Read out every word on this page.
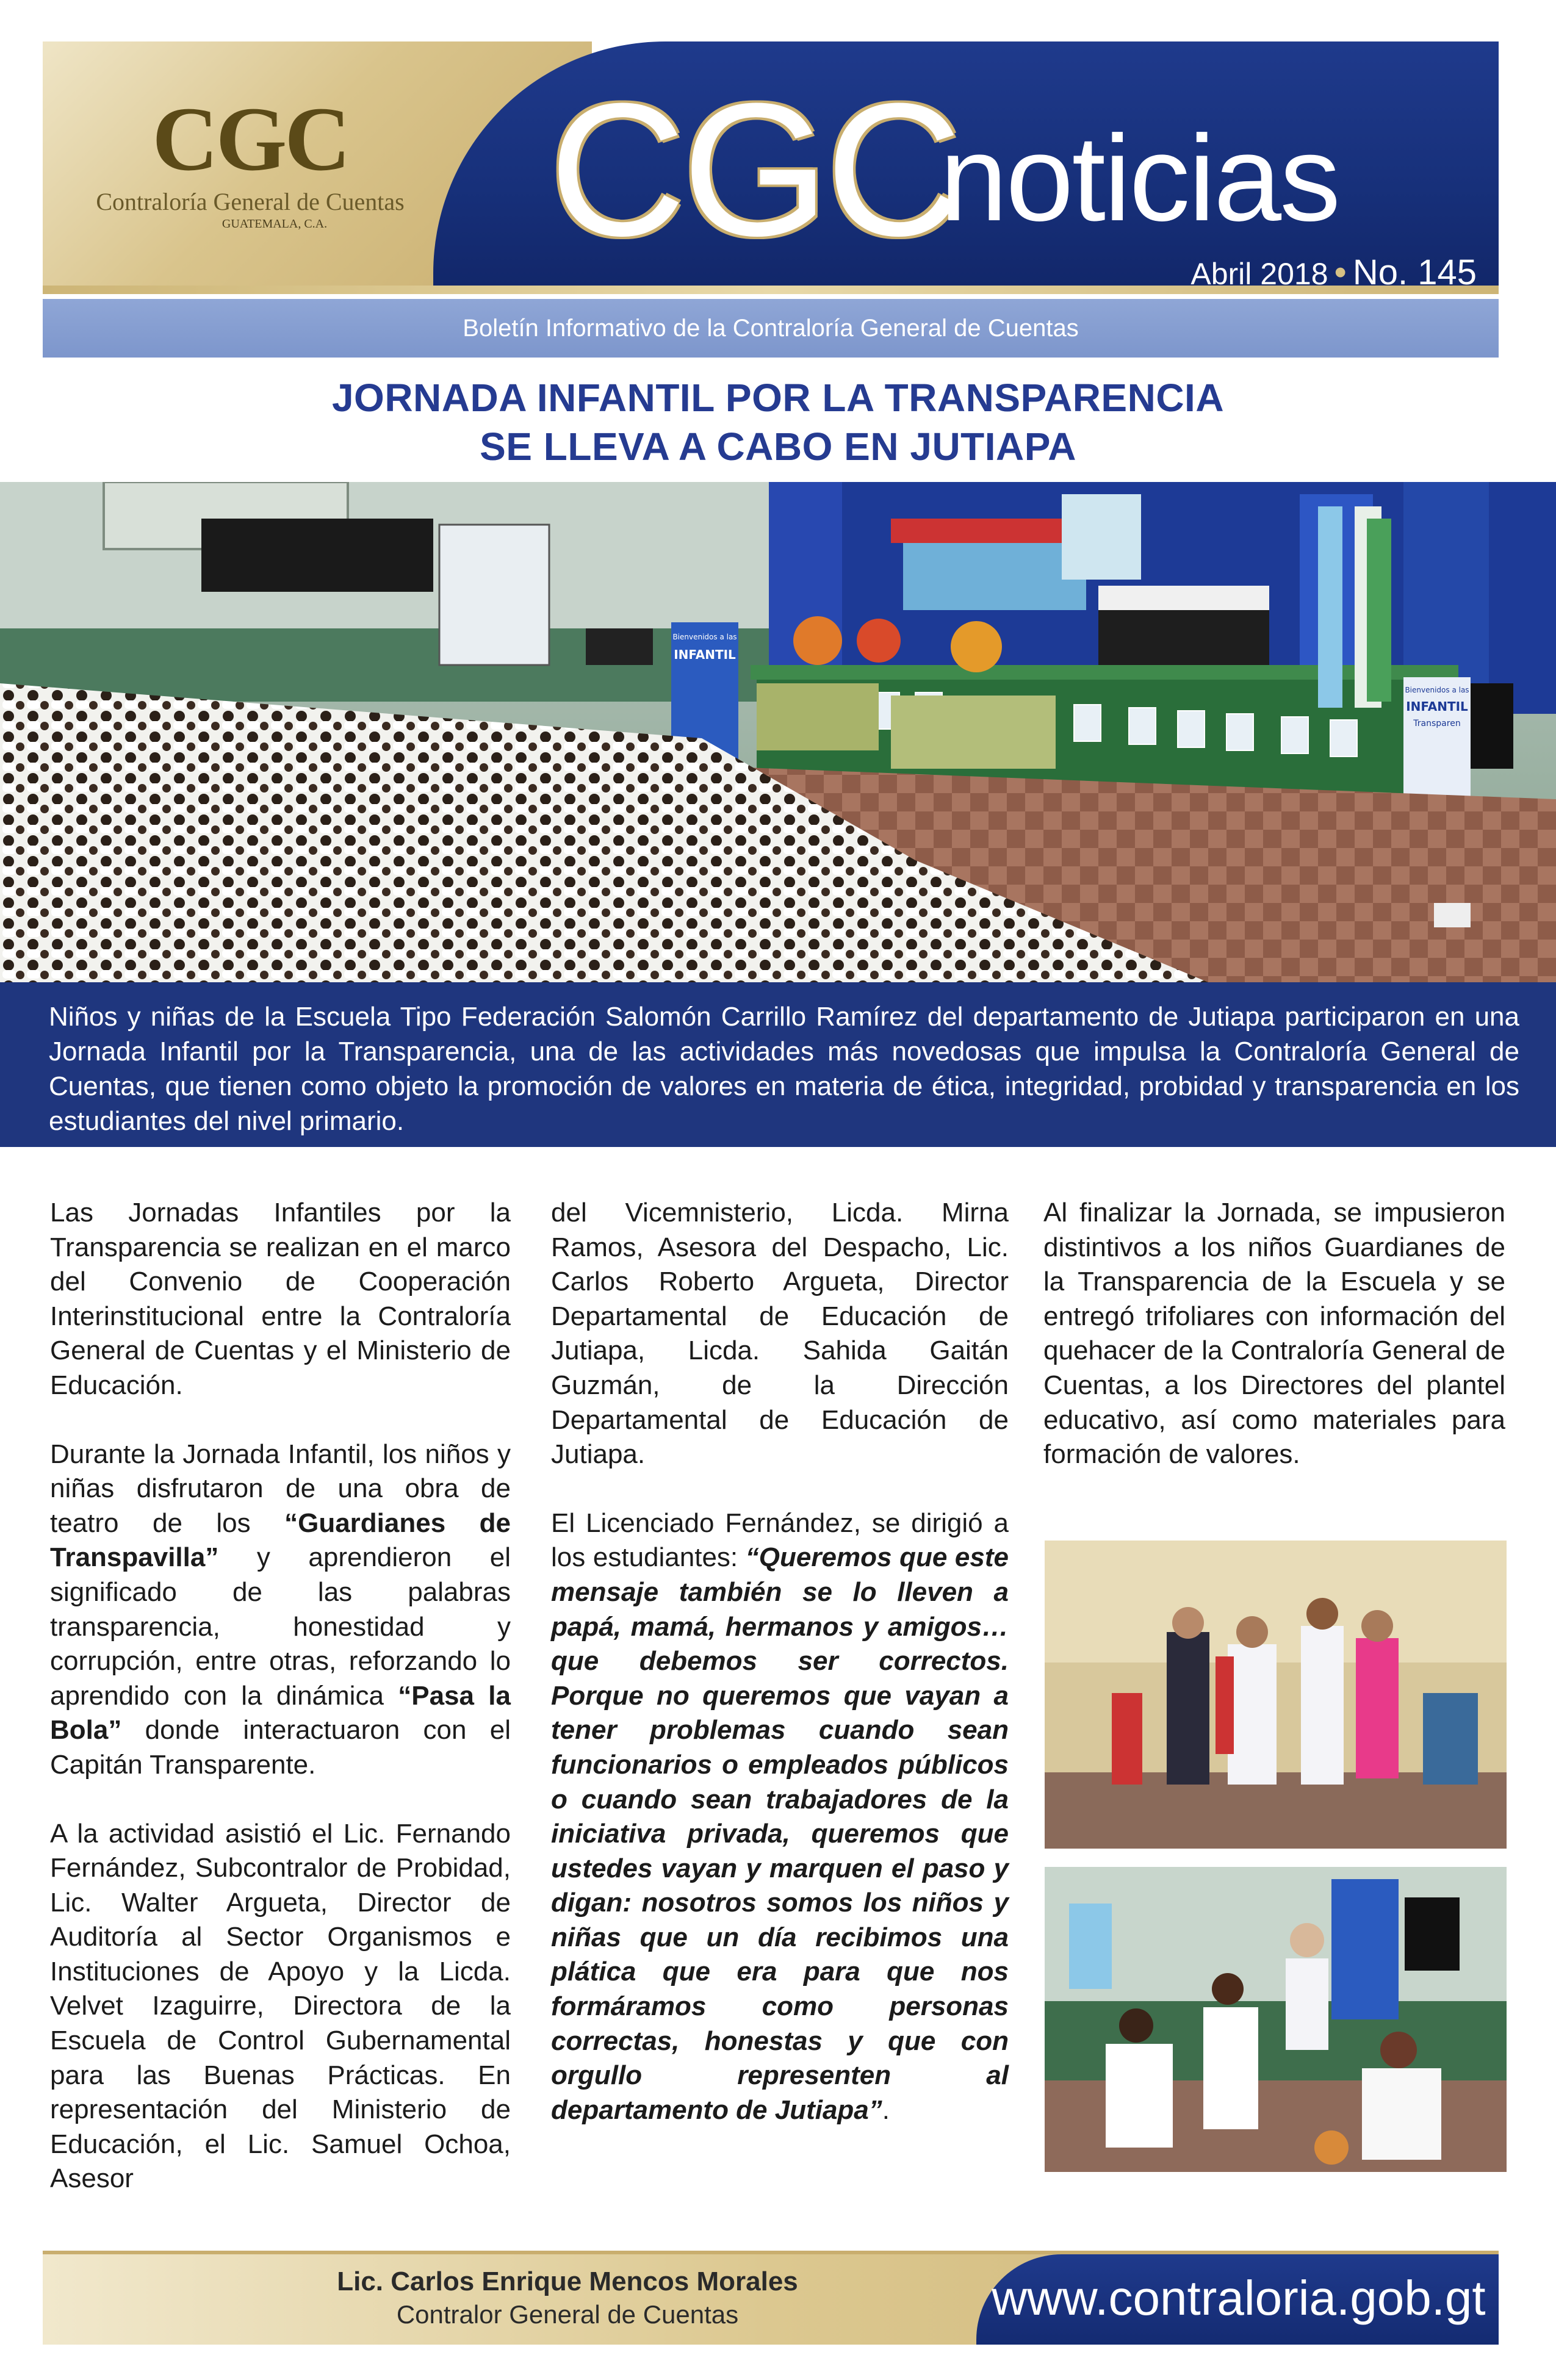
CGC
Contraloría General de Cuentas
GUATEMALA, C.A.	CGC
noticias
Abril 2018 • No. 145
Boletín Informativo de la Contraloría General de Cuentas
JORNADA INFANTIL POR LA TRANSPARENCIA
SE LLEVA A CABO EN JUTIAPA
Bienvenidos a las
INFANTIL
Bienvenidos a las
INFANTIL
Transparen
Niños y niñas de la Escuela Tipo Federación Salomón Carrillo Ramírez del departamento de Jutiapa participaron en una Jornada Infantil por la Transparencia, una de las actividades más novedosas que impulsa la Contraloría General de Cuentas, que tienen como objeto la promoción de valores en materia de ética, integridad, probidad y transparencia en los estudiantes del nivel primario.

Las Jornadas Infantiles por la Transparencia se realizan en el marco del Convenio de Cooperación Interinstitucional entre la Contraloría General de Cuentas y el Ministerio de Educación.

Durante la Jornada Infantil, los niños y niñas disfrutaron de una obra de teatro de los “Guardianes de Transpavilla” y aprendieron el significado de las palabras transparencia, honestidad y corrupción, entre otras, reforzando lo aprendido con la dinámica “Pasa la Bola” donde interactuaron con el Capitán Transparente.

A la actividad asistió el Lic. Fernando Fernández, Subcontralor de Probidad, Lic. Walter Argueta, Director de Auditoría al Sector Organismos e Instituciones de Apoyo y la Licda. Velvet Izaguirre, Directora de la Escuela de Control Gubernamental para las Buenas Prácticas. En representación del Ministerio de Educación, el Lic. Samuel Ochoa, Asesor

del Vicemnisterio, Licda. Mirna Ramos, Asesora del Despacho, Lic. Carlos Roberto Argueta, Director Departamental de Educación de Jutiapa, Licda. Sahida Gaitán Guzmán, de la Dirección Departamental de Educación de Jutiapa.

El Licenciado Fernández, se dirigió a los estudiantes: “Queremos que este mensaje también se lo lleven a papá, mamá, hermanos y amigos… que debemos ser correctos. Porque no queremos que vayan a tener problemas cuando sean funcionarios o empleados públicos o cuando sean trabajadores de la iniciativa privada, queremos que ustedes vayan y marquen el paso y digan: nosotros somos los niños y niñas que un día recibimos una plática que era para que nos formáramos como personas correctas, honestas y que con orgullo representen al departamento de Jutiapa”.

Al finalizar la Jornada, se impusieron distintivos a los niños Guardianes de la Transparencia de la Escuela y se entregó trifoliares con información del quehacer de la Contraloría General de Cuentas, a los Directores del plantel educativo, así como materiales para formación de valores.

Lic. Carlos Enrique Mencos Morales
Contralor General de Cuentas	www.contraloria.gob.gt
